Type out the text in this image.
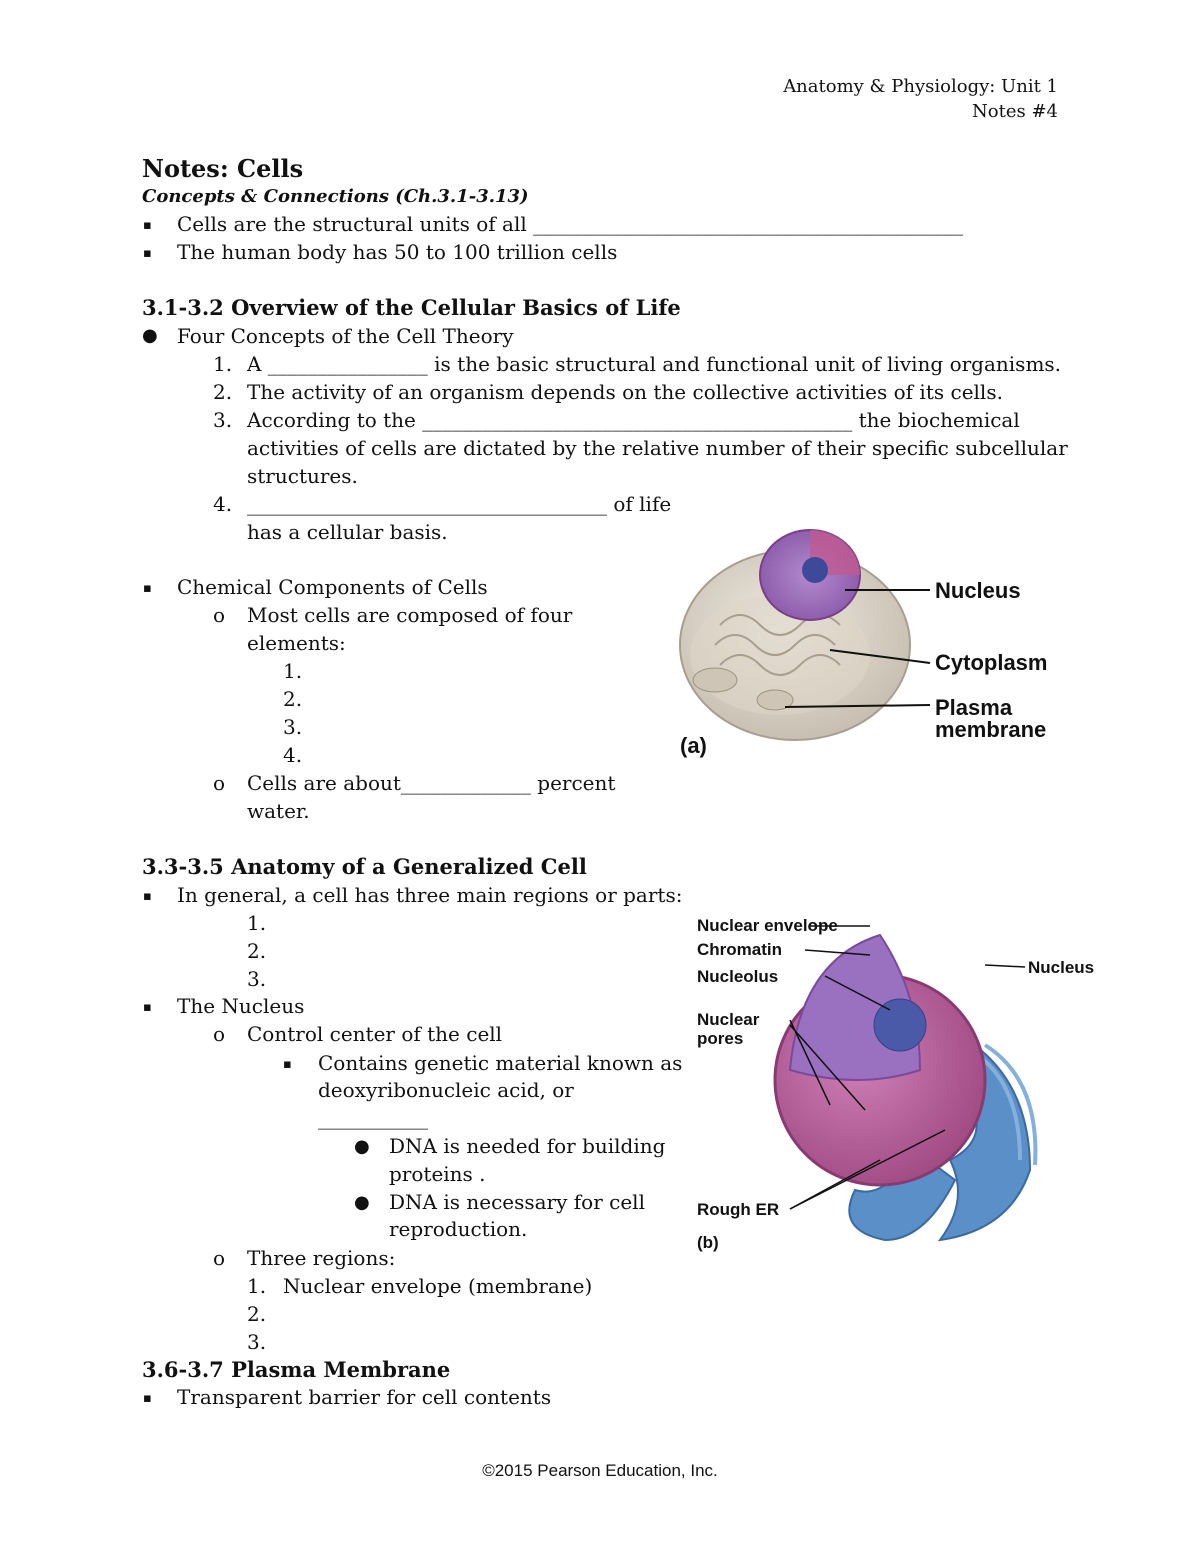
Anatomy & Physiology: Unit 1
Notes #4
Notes: Cells
Concepts & Connections (Ch.3.1-3.13)
▪ Cells are the structural units of all ___________________________________________
▪ The human body has 50 to 100 trillion cells
3.1-3.2 Overview of the Cellular Basics of Life
● Four Concepts of the Cell Theory
1. A ________________ is the basic structural and functional unit of living organisms.
2. The activity of an organism depends on the collective activities of its cells.
3. According to the ___________________________________________ the biochemical
activities of cells are dictated by the relative number of their specific subcellular
structures.
4. ____________________________________ of life
has a cellular basis.
▪ Chemical Components of Cells
o Most cells are composed of four
elements:
1.
2.
3.
4.
o Cells are about_____________ percent
water.
3.3-3.5 Anatomy of a Generalized Cell
▪ In general, a cell has three main regions or parts:
1.
2.
3.
▪ The Nucleus
o Control center of the cell
▪ Contains genetic material known as
deoxyribonucleic acid, or
___________
● DNA is needed for building
proteins .
● DNA is necessary for cell
reproduction.
o Three regions:
1. Nuclear envelope (membrane)
2.
3.
3.6-3.7 Plasma Membrane
▪ Transparent barrier for cell contents
Nucleus
Cytoplasm
Plasma
membrane
(a)
Nuclear envelope
Chromatin
Nucleolus
Nuclear
pores
Rough ER
Nucleus
(b)
©2015 Pearson Education, Inc.
